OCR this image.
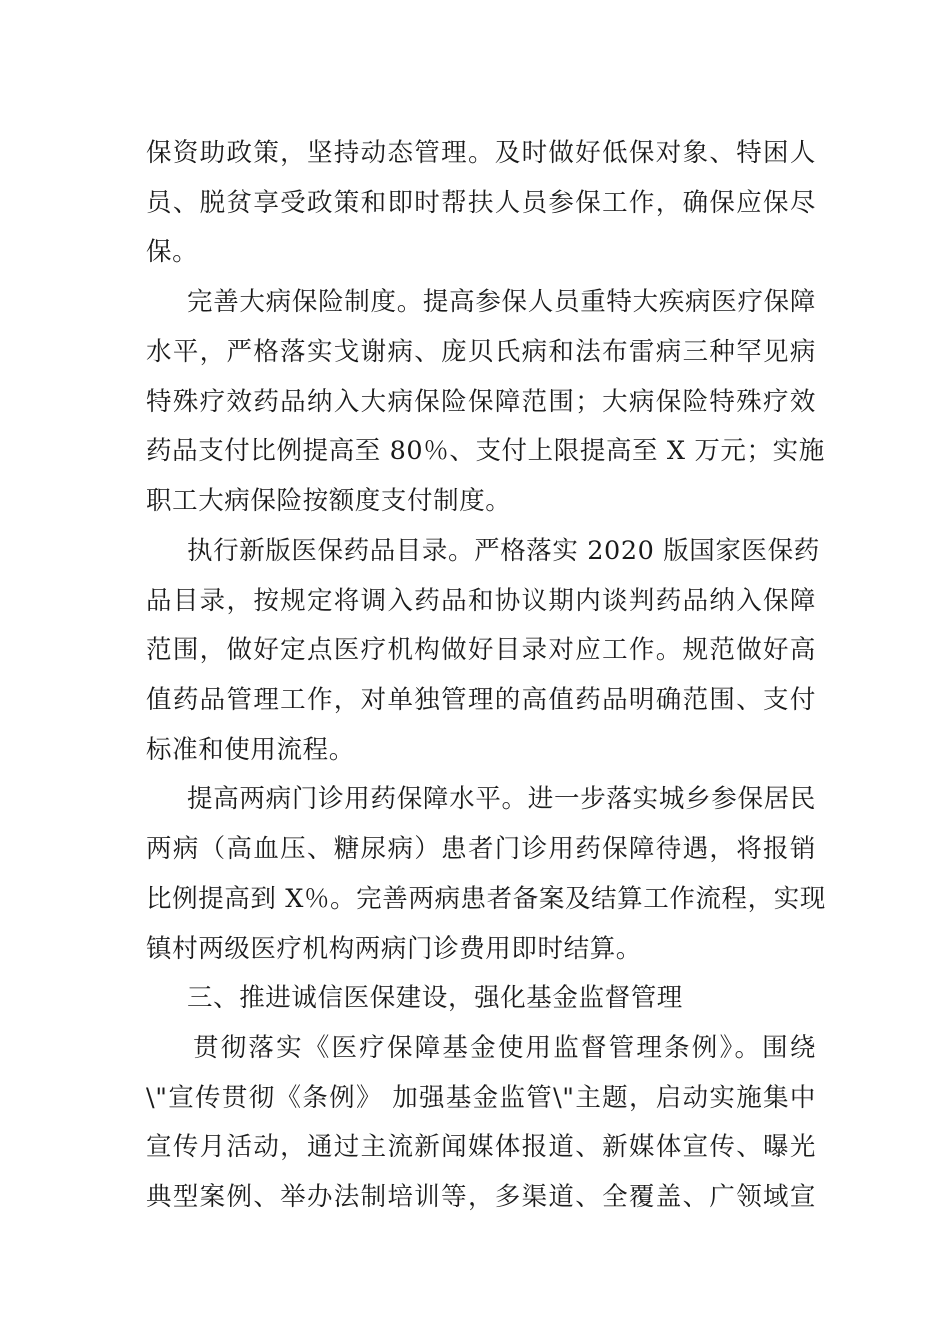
保资助政策，坚持动态管理。及时做好低保对象、特困人
员、脱贫享受政策和即时帮扶人员参保工作，确保应保尽
保。
完善大病保险制度。提高参保人员重特大疾病医疗保障
水平，严格落实戈谢病、庞贝氏病和法布雷病三种罕见病
特殊疗效药品纳入大病保险保障范围；大病保险特殊疗效
药品支付比例提高至 80％、支付上限提高至 X 万元；实施
职工大病保险按额度支付制度。
执行新版医保药品目录。严格落实 2020 版国家医保药
品目录，按规定将调入药品和协议期内谈判药品纳入保障
范围，做好定点医疗机构做好目录对应工作。规范做好高
值药品管理工作，对单独管理的高值药品明确范围、支付
标准和使用流程。
提高两病门诊用药保障水平。进一步落实城乡参保居民
两病（高血压、糖尿病）患者门诊用药保障待遇，将报销
比例提高到 X％。完善两病患者备案及结算工作流程，实现
镇村两级医疗机构两病门诊费用即时结算。
三、推进诚信医保建设，强化基金监督管理
贯彻落实《医疗保障基金使用监督管理条例》。围绕
\"宣传贯彻《条例》 加强基金监管\"主题，启动实施集中
宣传月活动，通过主流新闻媒体报道、新媒体宣传、曝光
典型案例、举办法制培训等，多渠道、全覆盖、广领域宣
